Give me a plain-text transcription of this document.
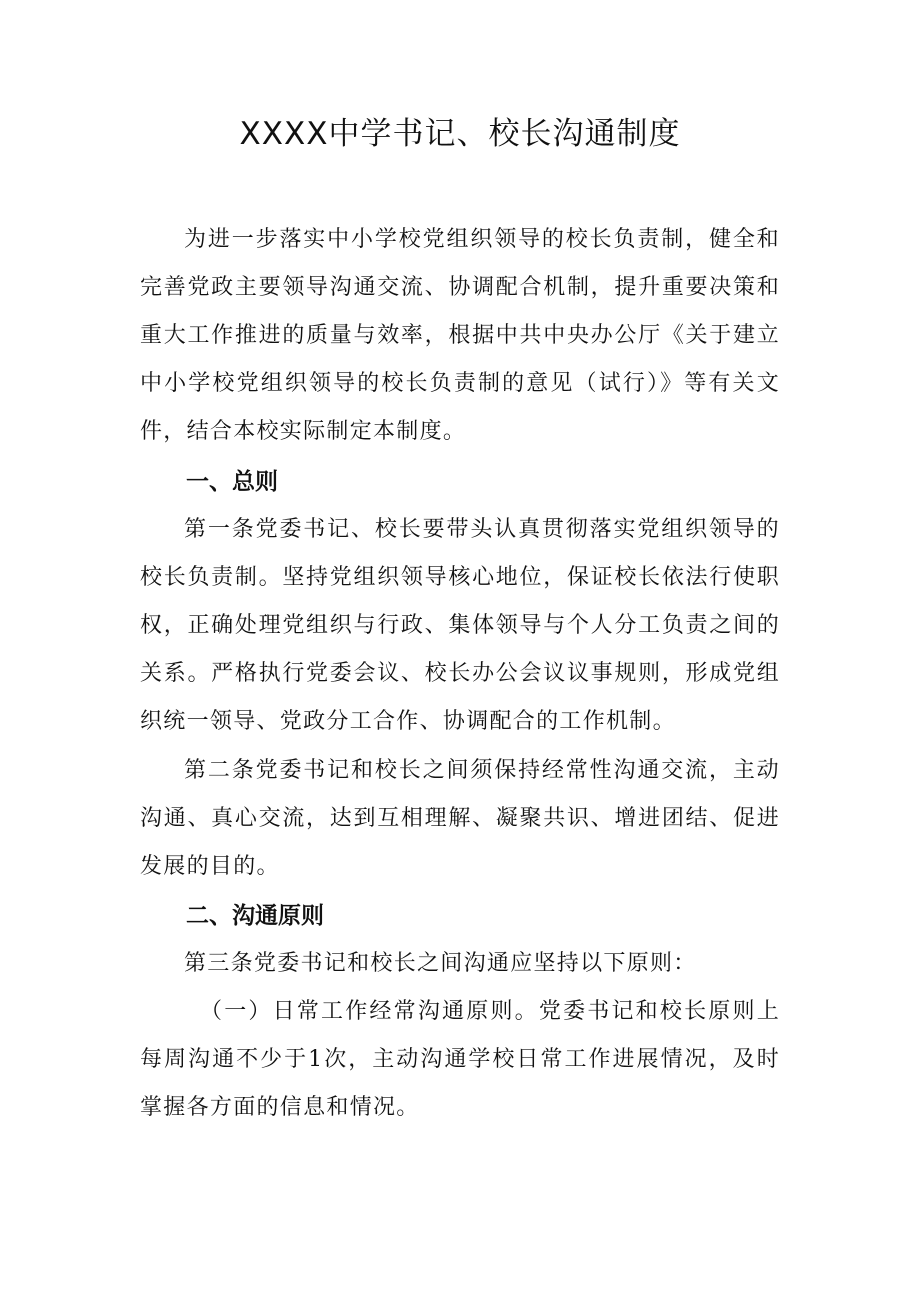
XXXX中学书记、校长沟通制度

为进一步落实中小学校党组织领导的校长负责制，健全和完善党政主要领导沟通交流、协调配合机制，提升重要决策和重大工作推进的质量与效率，根据中共中央办公厅《关于建立中小学校党组织领导的校长负责制的意见（试行）》等有关文件，结合本校实际制定本制度。

一、总则

第一条党委书记、校长要带头认真贯彻落实党组织领导的校长负责制。坚持党组织领导核心地位，保证校长依法行使职权，正确处理党组织与行政、集体领导与个人分工负责之间的关系。严格执行党委会议、校长办公会议议事规则，形成党组织统一领导、党政分工合作、协调配合的工作机制。

第二条党委书记和校长之间须保持经常性沟通交流，主动沟通、真心交流，达到互相理解、凝聚共识、增进团结、促进发展的目的。

二、沟通原则

第三条党委书记和校长之间沟通应坚持以下原则：

（一）日常工作经常沟通原则。党委书记和校长原则上每周沟通不少于1次，主动沟通学校日常工作进展情况，及时掌握各方面的信息和情况。
